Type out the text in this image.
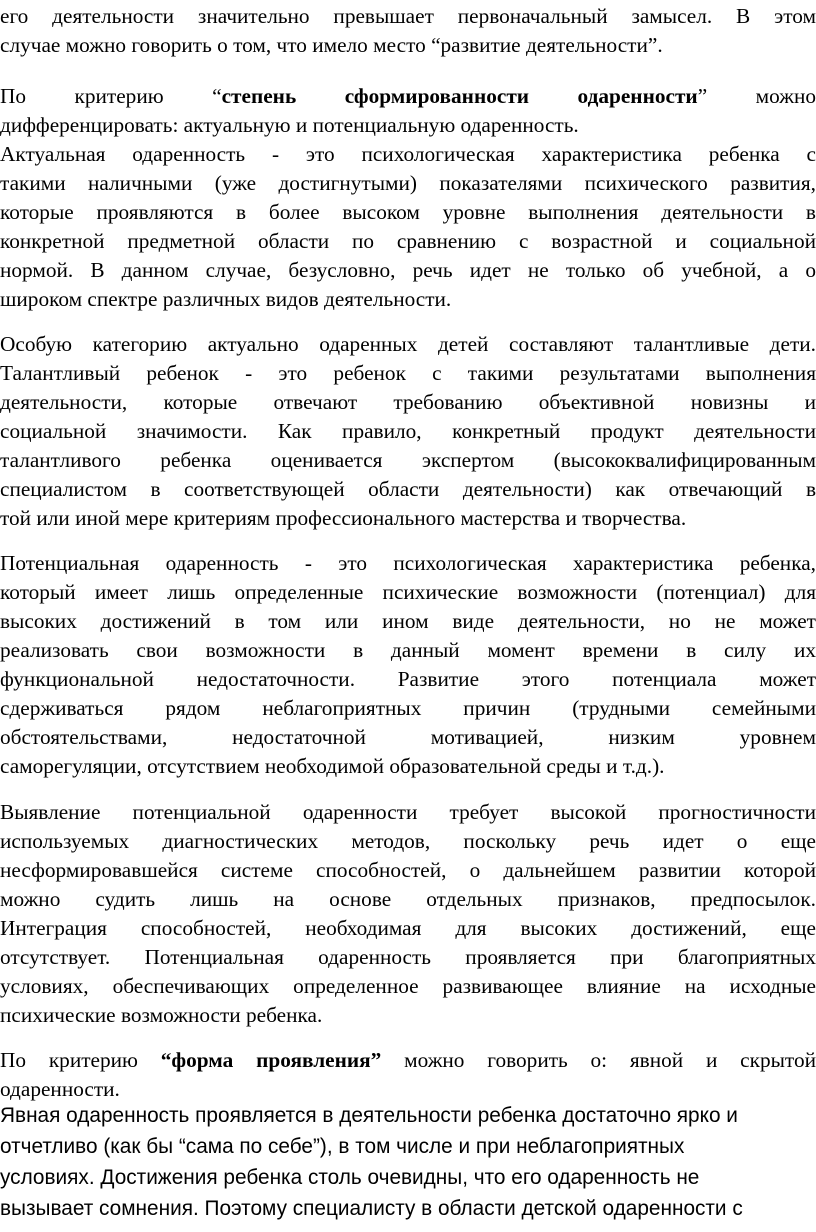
его деятельности значительно превышает первоначальный замысел. В этом
случае можно говорить о том, что имело место “развитие деятельности”.
По критерию “степень сформированности одаренности” можно
дифференцировать: актуальную и потенциальную одаренность.
Актуальная одаренность - это психологическая характеристика ребенка с
такими наличными (уже достигнутыми) показателями психического развития,
которые проявляются в более высоком уровне выполнения деятельности в
конкретной предметной области по сравнению с возрастной и социальной
нормой. В данном случае, безусловно, речь идет не только об учебной, а о
широком спектре различных видов деятельности.
Особую категорию актуально одаренных детей составляют талантливые дети.
Талантливый ребенок - это ребенок с такими результатами выполнения
деятельности, которые отвечают требованию объективной новизны и
социальной значимости. Как правило, конкретный продукт деятельности
талантливого ребенка оценивается экспертом (высококвалифицированным
специалистом в соответствующей области деятельности) как отвечающий в
той или иной мере критериям профессионального мастерства и творчества.
Потенциальная одаренность - это психологическая характеристика ребенка,
который имеет лишь определенные психические возможности (потенциал) для
высоких достижений в том или ином виде деятельности, но не может
реализовать свои возможности в данный момент времени в силу их
функциональной недостаточности. Развитие этого потенциала может
сдерживаться рядом неблагоприятных причин (трудными семейными
обстоятельствами, недостаточной мотивацией, низким уровнем
саморегуляции, отсутствием необходимой образовательной среды и т.д.).
Выявление потенциальной одаренности требует высокой прогностичности
используемых диагностических методов, поскольку речь идет о еще
несформировавшейся системе способностей, о дальнейшем развитии которой
можно судить лишь на основе отдельных признаков, предпосылок.
Интеграция способностей, необходимая для высоких достижений, еще
отсутствует. Потенциальная одаренность проявляется при благоприятных
условиях, обеспечивающих определенное развивающее влияние на исходные
психические возможности ребенка.
По критерию “форма проявления” можно говорить о: явной и скрытой
одаренности.
Явная одаренность проявляется в деятельности ребенка достаточно ярко и
отчетливо (как бы “сама по себе”), в том числе и при неблагоприятных
условиях. Достижения ребенка столь очевидны, что его одаренность не
вызывает сомнения. Поэтому специалисту в области детской одаренности с
